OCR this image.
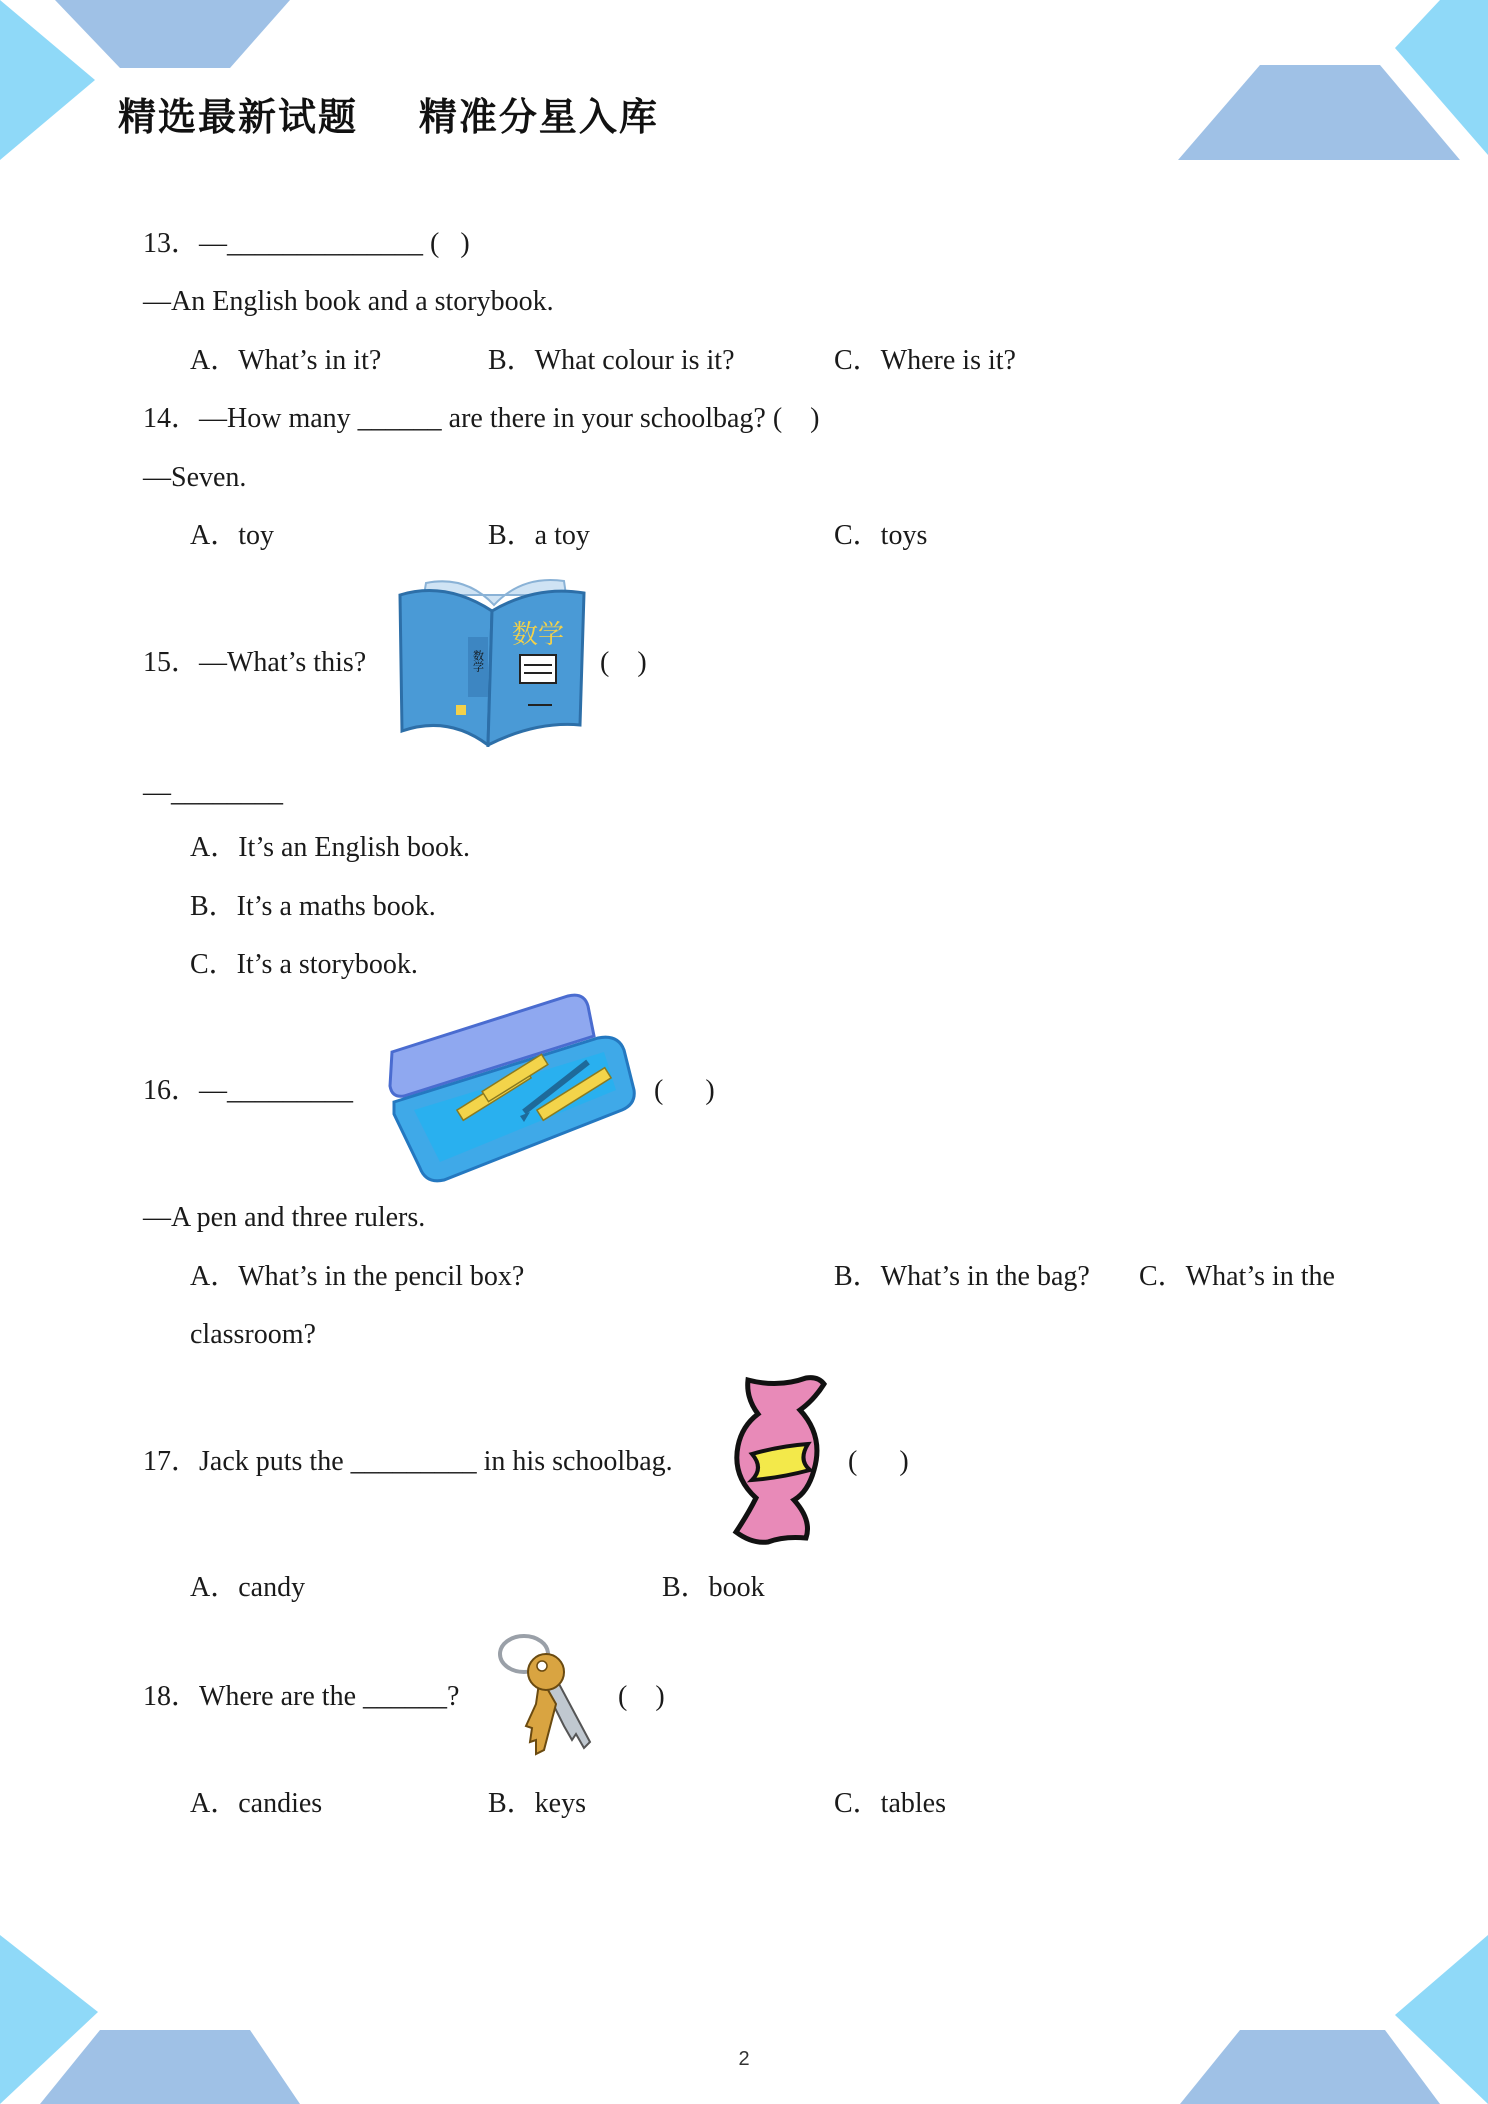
精选最新试题    精准分星入库
13．—______________ (   )
—An English book and a storybook.
A．What’s in it?	B．What colour is it?	C．Where is it?
14．—How many ______ are there in your schoolbag? (    )
—Seven.
A．toy	B．a toy	C．toys
15．—What’s this?	数学
数学
(    )
—________
A．It’s an English book.
B．It’s a maths book.
C．It’s a storybook.
16．—_________	(      )
—A pen and three rulers.
A．What’s in the pencil box?	B．What’s in the bag? C．What’s in the
classroom?
17．Jack puts the _________ in his schoolbag.	(      )
A．candy	B．book
18．Where are the ______?	(    )
A．candies	B．keys	C．tables
2
